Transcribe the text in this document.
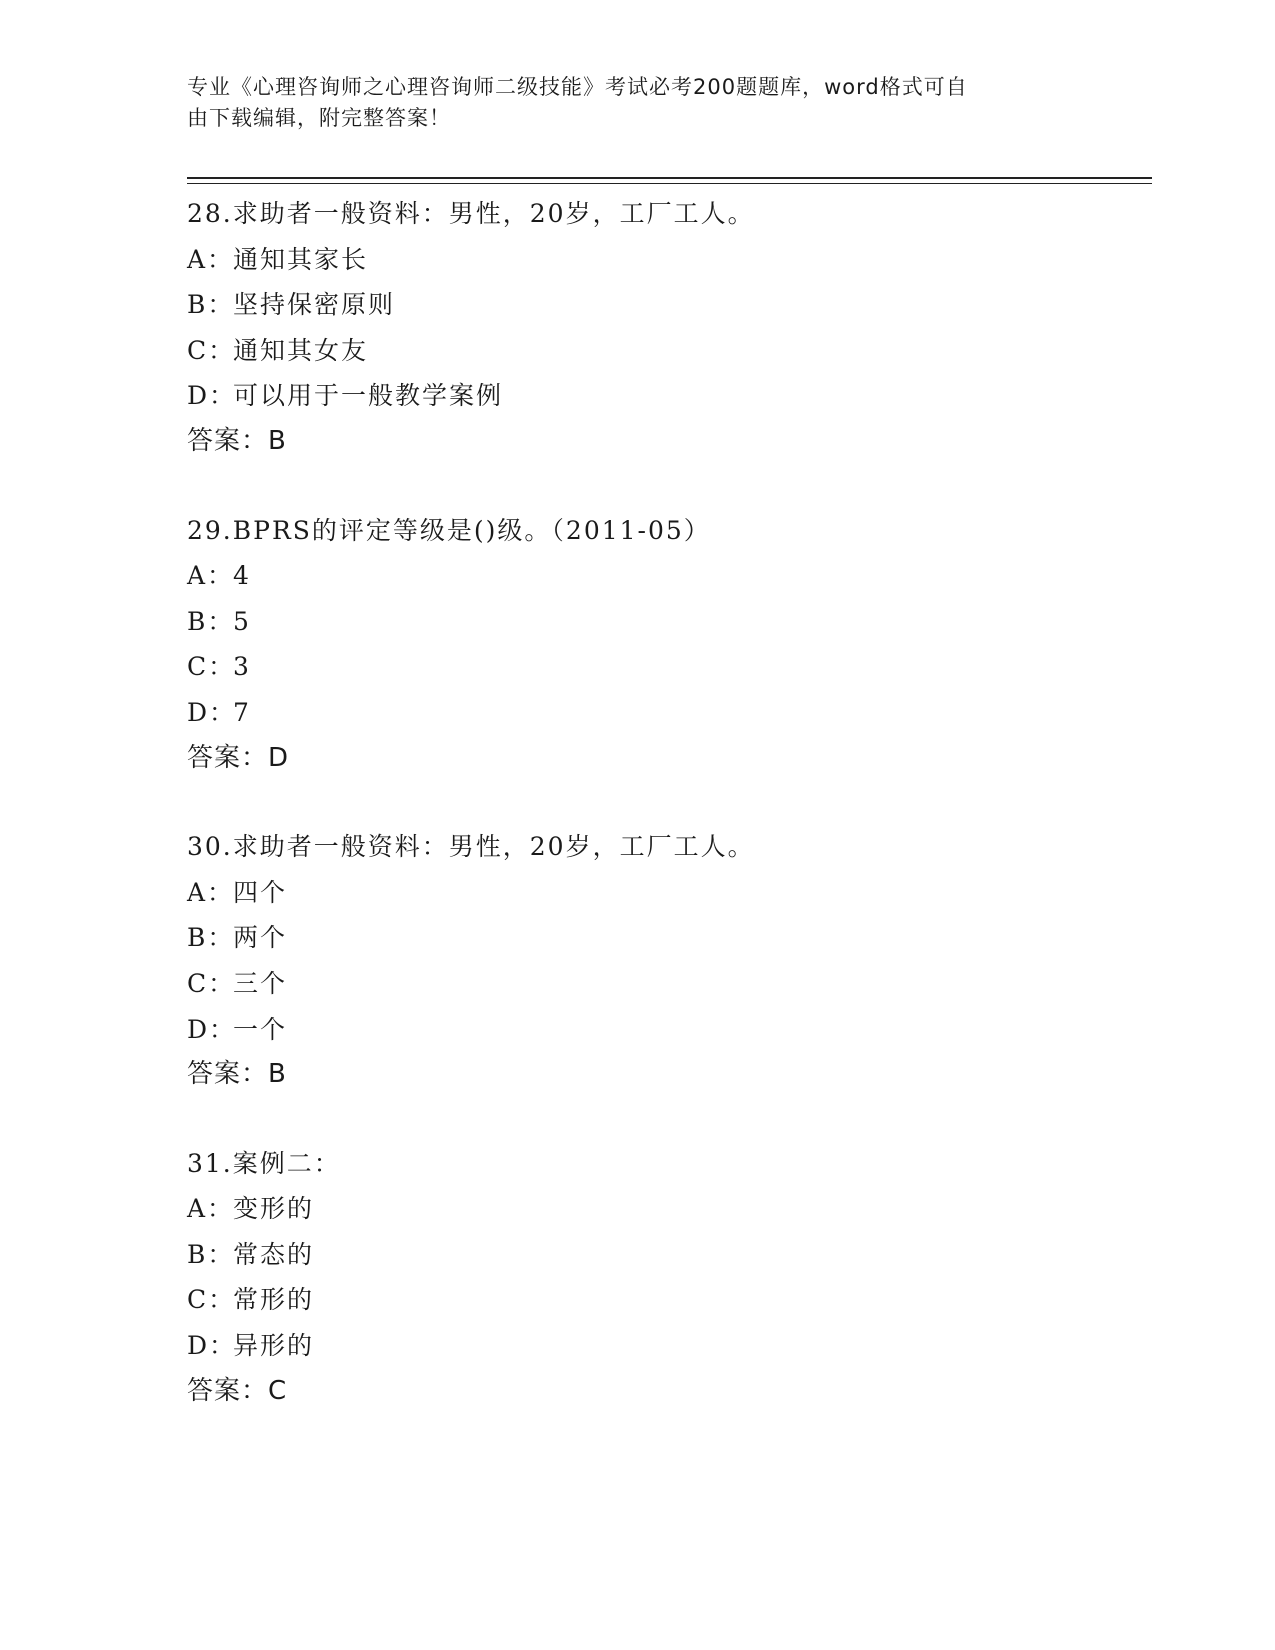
专业《心理咨询师之心理咨询师二级技能》考试必考200题题库，word格式可自
由下载编辑，附完整答案！
28.求助者一般资料：男性，20岁，工厂工人。
A：通知其家长
B：坚持保密原则
C：通知其女友
D：可以用于一般教学案例
答案：B
29.BPRS的评定等级是()级。（2011-05）
A：4
B：5
C：3
D：7
答案：D
30.求助者一般资料：男性，20岁，工厂工人。
A：四个
B：两个
C：三个
D：一个
答案：B
31.案例二：
A：变形的
B：常态的
C：常形的
D：异形的
答案：C
